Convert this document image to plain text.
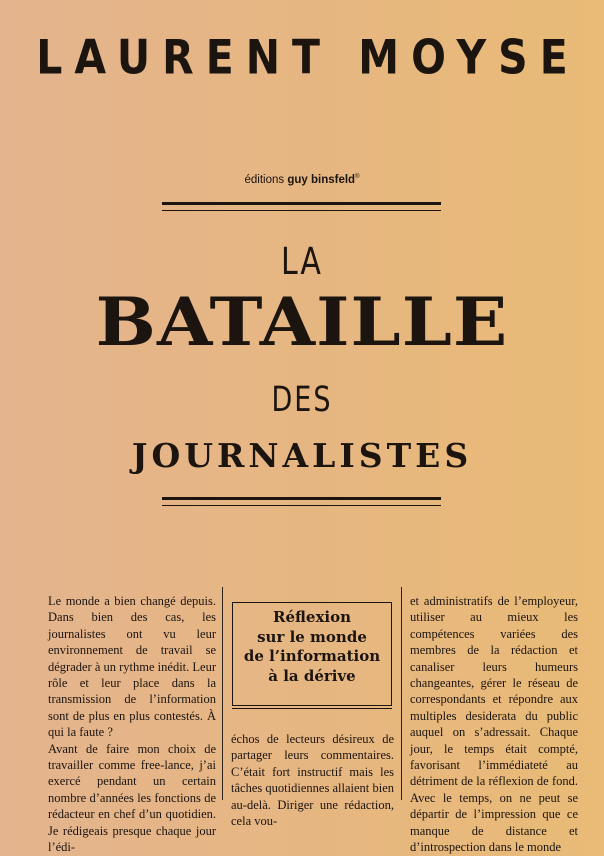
LAURENT MOYSE
éditions guy binsfeld®
LA
BATAILLE
DES
JOURNALISTES

Le monde a bien changé depuis. Dans bien des cas, les journalistes ont vu leur environnement de travail se dégrader à un rythme inédit. Leur rôle et leur place dans la transmission de l’information sont de plus en plus contestés. À qui la faute ?

Avant de faire mon choix de travailler comme free-lance, j’ai exercé pendant un certain nombre d’années les fonctions de rédacteur en chef d’un quotidien. Je rédigeais presque chaque jour l’édi-

Réflexion
sur le monde
de l’information
à la dérive

échos de lecteurs désireux de partager leurs commentaires. C’était fort instructif mais les tâches quotidiennes allaient bien au-delà. Diriger une rédaction, cela vou-

et administratifs de l’employeur, utiliser au mieux les compétences variées des membres de la rédaction et canaliser leurs humeurs changeantes, gérer le réseau de correspondants et répondre aux multiples desiderata du public auquel on s’adressait. Chaque jour, le temps était compté, favorisant l’immédiateté au détriment de la réflexion de fond. Avec le temps, on ne peut se départir de l’impression que ce manque de distance et d’introspection dans le monde
